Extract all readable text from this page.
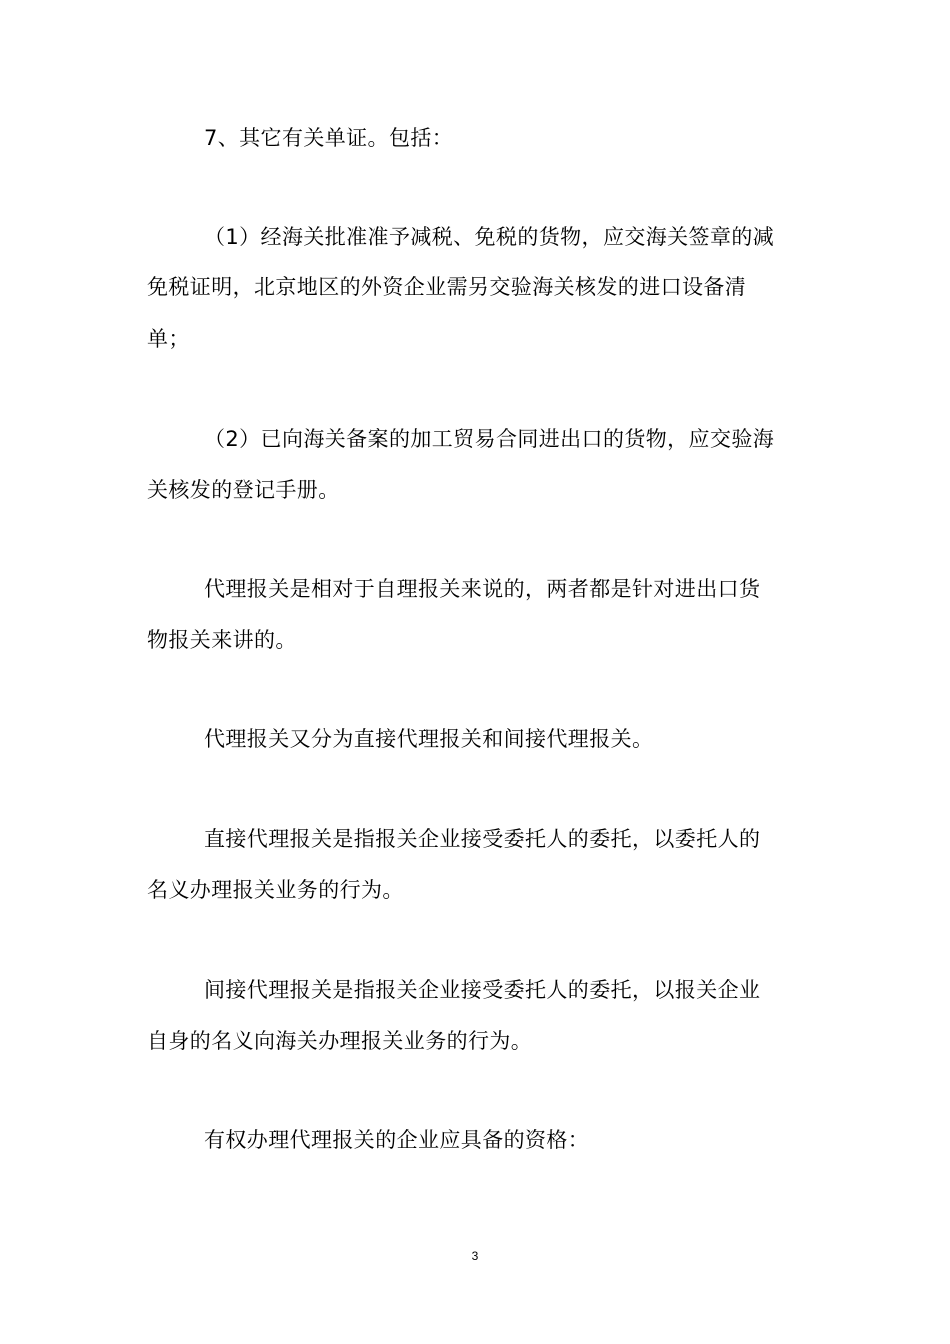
7、其它有关单证。包括：
（1）经海关批准准予减税、免税的货物，应交海关签章的减
免税证明，北京地区的外资企业需另交验海关核发的进口设备清
单；
（2）已向海关备案的加工贸易合同进出口的货物，应交验海
关核发的登记手册。
代理报关是相对于自理报关来说的，两者都是针对进出口货
物报关来讲的。
代理报关又分为直接代理报关和间接代理报关。
直接代理报关是指报关企业接受委托人的委托，以委托人的
名义办理报关业务的行为。
间接代理报关是指报关企业接受委托人的委托，以报关企业
自身的名义向海关办理报关业务的行为。
有权办理代理报关的企业应具备的资格：
3
